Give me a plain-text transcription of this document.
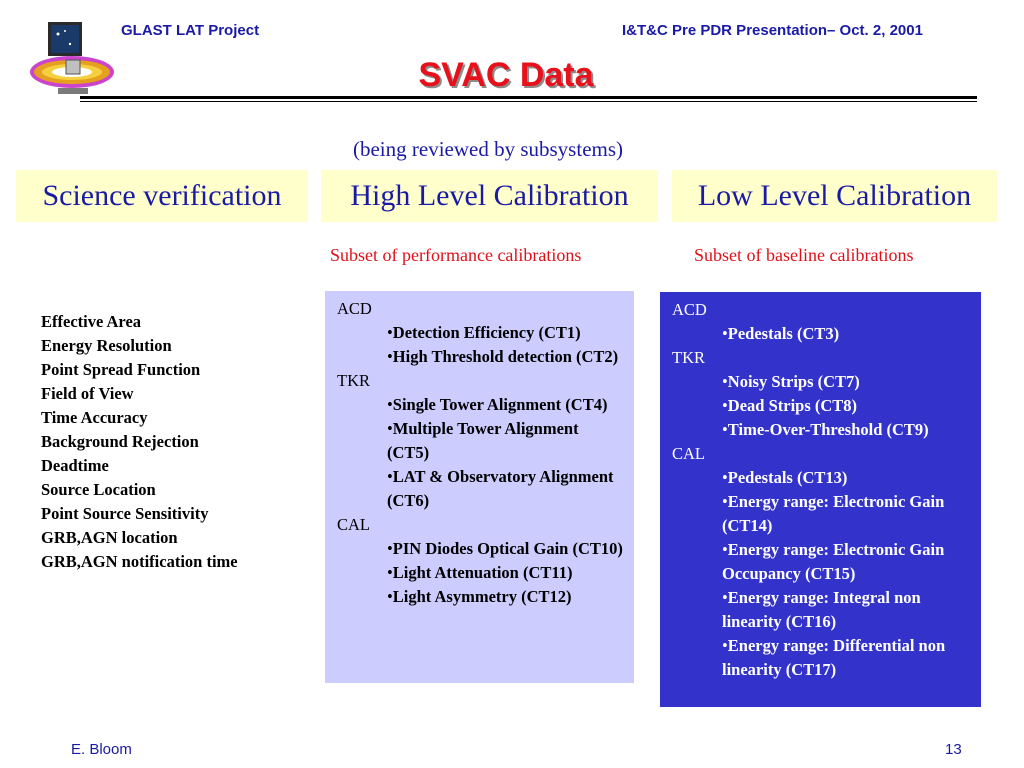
GLAST LAT Project	I&T&C Pre PDR Presentation– Oct. 2, 2001
SVAC Data
(being reviewed by subsystems)
Science verification	High Level Calibration	Low Level Calibration
Subset of performance calibrations	Subset of baseline calibrations
Effective Area
Energy Resolution
Point Spread Function
Field of View
Time Accuracy
Background Rejection
Deadtime
Source Location
Point Source Sensitivity
GRB,AGN location
GRB,AGN notification time
ACD
•Detection Efficiency (CT1)
•High Threshold detection (CT2)
TKR
•Single Tower Alignment (CT4)
•Multiple Tower Alignment (CT5)
•LAT & Observatory Alignment (CT6)
CAL
•PIN Diodes Optical Gain (CT10)
•Light Attenuation (CT11)
•Light Asymmetry (CT12)
ACD
•Pedestals (CT3)
TKR
•Noisy Strips (CT7)
•Dead Strips (CT8)
•Time-Over-Threshold (CT9)
CAL
•Pedestals (CT13)
•Energy range: Electronic Gain (CT14)
•Energy range: Electronic Gain Occupancy (CT15)
•Energy range: Integral non linearity (CT16)
•Energy range: Differential non linearity (CT17)
E. Bloom	13
